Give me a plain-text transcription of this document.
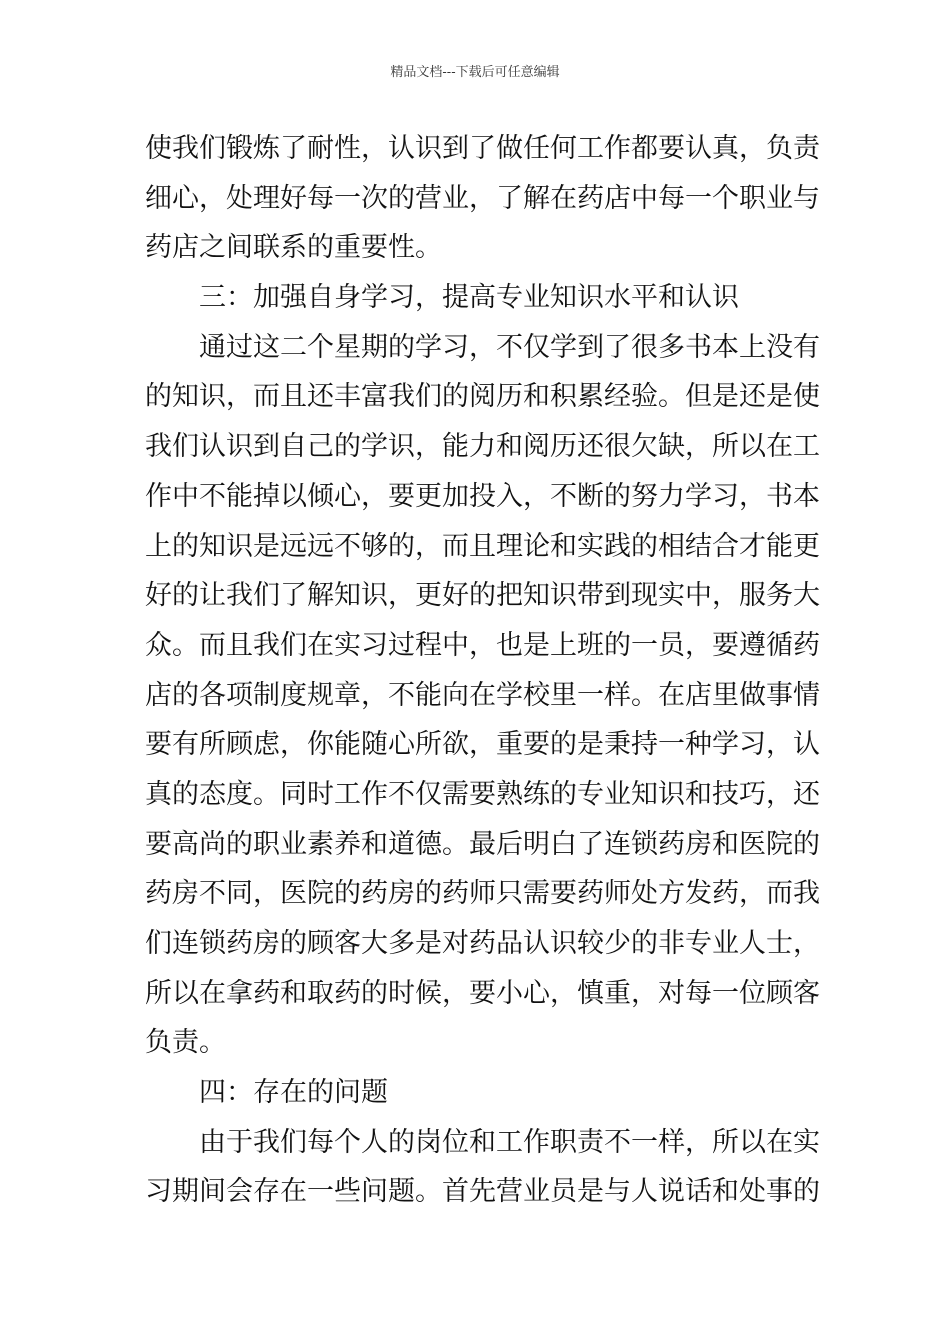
精品文档---下载后可任意编辑
使我们锻炼了耐性，认识到了做任何工作都要认真，负责
细心，处理好每一次的营业，了解在药店中每一个职业与
药店之间联系的重要性。
　　三：加强自身学习，提高专业知识水平和认识
　　通过这二个星期的学习，不仅学到了很多书本上没有
的知识，而且还丰富我们的阅历和积累经验。但是还是使
我们认识到自己的学识，能力和阅历还很欠缺，所以在工
作中不能掉以倾心，要更加投入，不断的努力学习，书本
上的知识是远远不够的，而且理论和实践的相结合才能更
好的让我们了解知识，更好的把知识带到现实中，服务大
众。而且我们在实习过程中，也是上班的一员，要遵循药
店的各项制度规章，不能向在学校里一样。在店里做事情
要有所顾虑，你能随心所欲，重要的是秉持一种学习，认
真的态度。同时工作不仅需要熟练的专业知识和技巧，还
要高尚的职业素养和道德。最后明白了连锁药房和医院的
药房不同，医院的药房的药师只需要药师处方发药，而我
们连锁药房的顾客大多是对药品认识较少的非专业人士，
所以在拿药和取药的时候，要小心，慎重，对每一位顾客
负责。
　　四：存在的问题
　　由于我们每个人的岗位和工作职责不一样，所以在实
习期间会存在一些问题。首先营业员是与人说话和处事的
